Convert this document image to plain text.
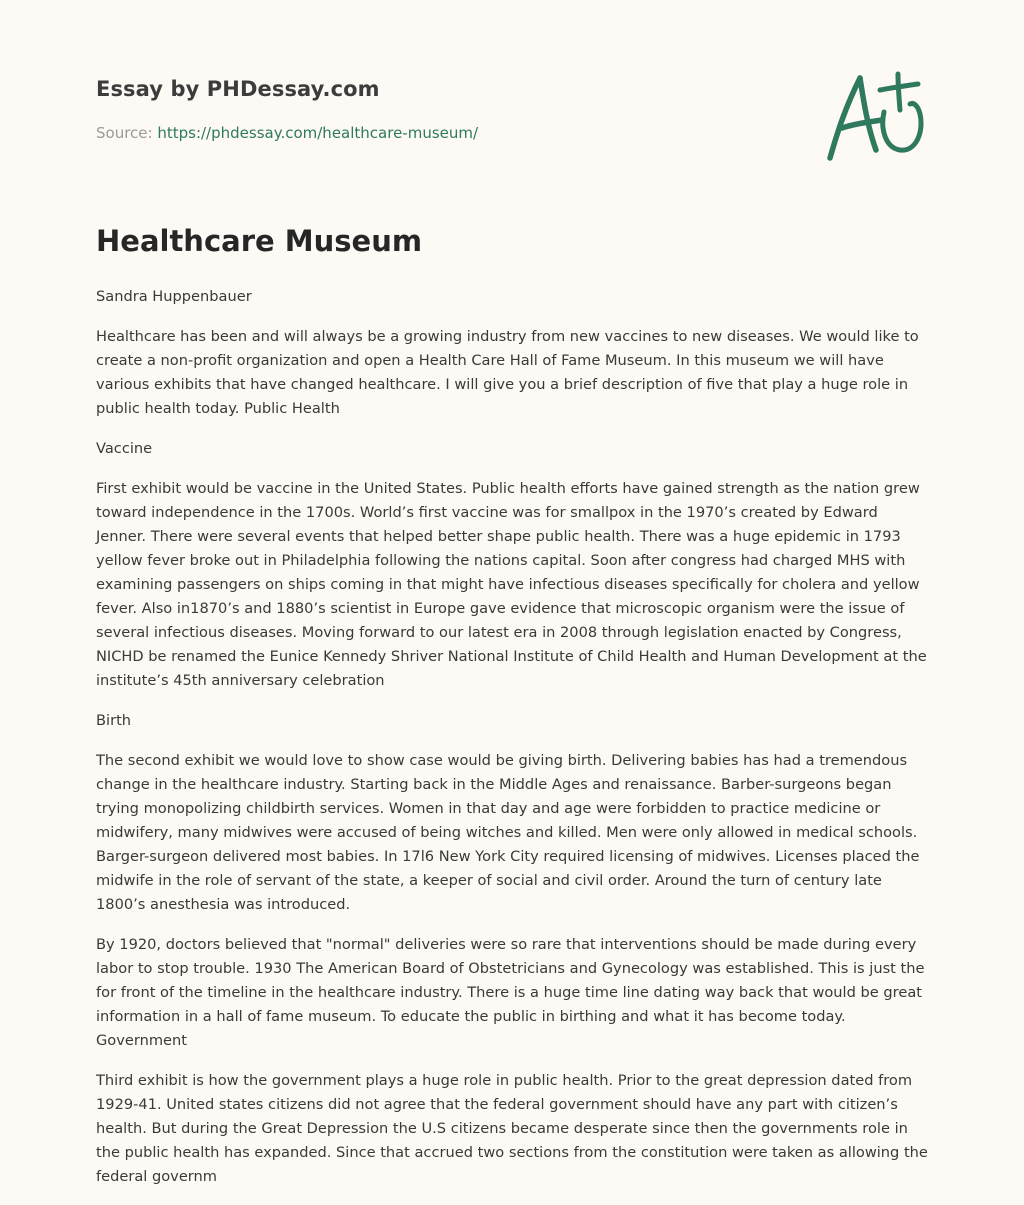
Essay by PHDessay.com
Source: https://phdessay.com/healthcare-museum/
Healthcare Museum

Sandra Huppenbauer

Healthcare has been and will always be a growing industry from new vaccines to new diseases. We would like to create a non-profit organization and open a Health Care Hall of Fame Museum. In this museum we will have various exhibits that have changed healthcare. I will give you a brief description of five that play a huge role in public health today. Public Health

Vaccine

First exhibit would be vaccine in the United States. Public health efforts have gained strength as the nation grew toward independence in the 1700s. World’s first vaccine was for smallpox in the 1970’s created by Edward Jenner. There were several events that helped better shape public health. There was a huge epidemic in 1793 yellow fever broke out in Philadelphia following the nations capital. Soon after congress had charged MHS with examining passengers on ships coming in that might have infectious diseases specifically for cholera and yellow fever. Also in1870’s and 1880’s scientist in Europe gave evidence that microscopic organism were the issue of several infectious diseases. Moving forward to our latest era in 2008 through legislation enacted by Congress, NICHD be renamed the Eunice Kennedy Shriver National Institute of Child Health and Human Development at the institute’s 45th anniversary celebration

Birth

The second exhibit we would love to show case would be giving birth. Delivering babies has had a tremendous change in the healthcare industry. Starting back in the Middle Ages and renaissance. Barber-surgeons began trying monopolizing childbirth services. Women in that day and age were forbidden to practice medicine or midwifery, many midwives were accused of being witches and killed. Men were only allowed in medical schools. Barger-surgeon delivered most babies. In 17l6 New York City required licensing of midwives. Licenses placed the midwife in the role of servant of the state, a keeper of social and civil order. Around the turn of century late 1800’s anesthesia was introduced.

By 1920, doctors believed that "normal" deliveries were so rare that interventions should be made during every labor to stop trouble. 1930 The American Board of Obstetricians and Gynecology was established. This is just the for front of the timeline in the healthcare industry. There is a huge time line dating way back that would be great information in a hall of fame museum. To educate the public in birthing and what it has become today. Government

Third exhibit is how the government plays a huge role in public health. Prior to the great depression dated from 1929-41. United states citizens did not agree that the federal government should have any part with citizen’s health. But during the Great Depression the U.S citizens became desperate since then the governments role in the public health has expanded. Since that accrued two sections from the constitution were taken as allowing the federal governm
